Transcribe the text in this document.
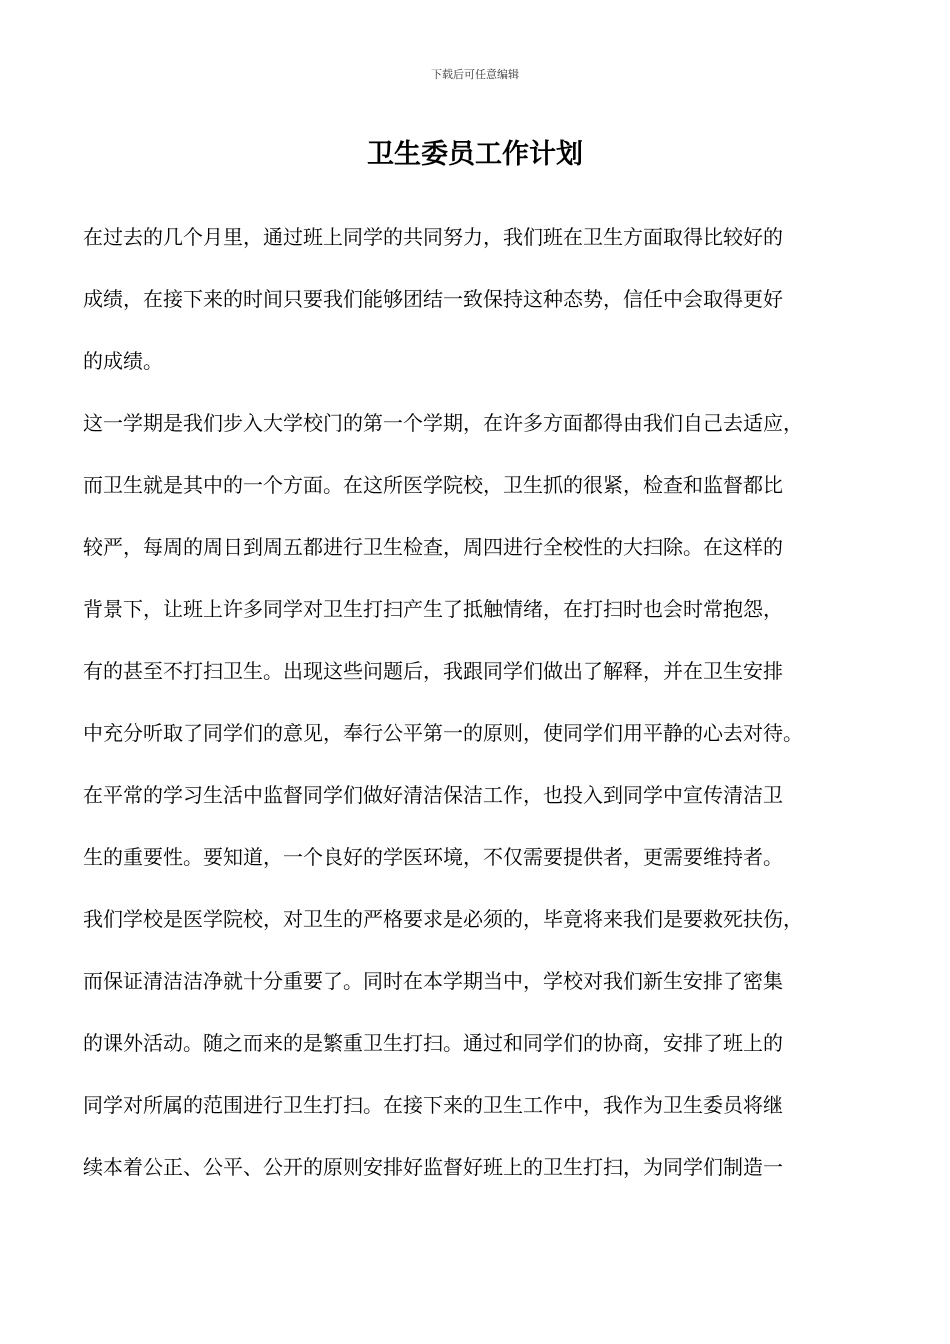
下载后可任意编辑
卫生委员工作计划
在过去的几个月里，通过班上同学的共同努力，我们班在卫生方面取得比较好的
成绩，在接下来的时间只要我们能够团结一致保持这种态势，信任中会取得更好
的成绩。
这一学期是我们步入大学校门的第一个学期，在许多方面都得由我们自己去适应，
而卫生就是其中的一个方面。在这所医学院校，卫生抓的很紧，检查和监督都比
较严，每周的周日到周五都进行卫生检查，周四进行全校性的大扫除。在这样的
背景下，让班上许多同学对卫生打扫产生了抵触情绪，在打扫时也会时常抱怨，
有的甚至不打扫卫生。出现这些问题后，我跟同学们做出了解释，并在卫生安排
中充分听取了同学们的意见，奉行公平第一的原则，使同学们用平静的心去对待。
在平常的学习生活中监督同学们做好清洁保洁工作，也投入到同学中宣传清洁卫
生的重要性。要知道，一个良好的学医环境，不仅需要提供者，更需要维持者。
我们学校是医学院校，对卫生的严格要求是必须的，毕竟将来我们是要救死扶伤，
而保证清洁洁净就十分重要了。同时在本学期当中，学校对我们新生安排了密集
的课外活动。随之而来的是繁重卫生打扫。通过和同学们的协商，安排了班上的
同学对所属的范围进行卫生打扫。在接下来的卫生工作中，我作为卫生委员将继
续本着公正、公平、公开的原则安排好监督好班上的卫生打扫，为同学们制造一
